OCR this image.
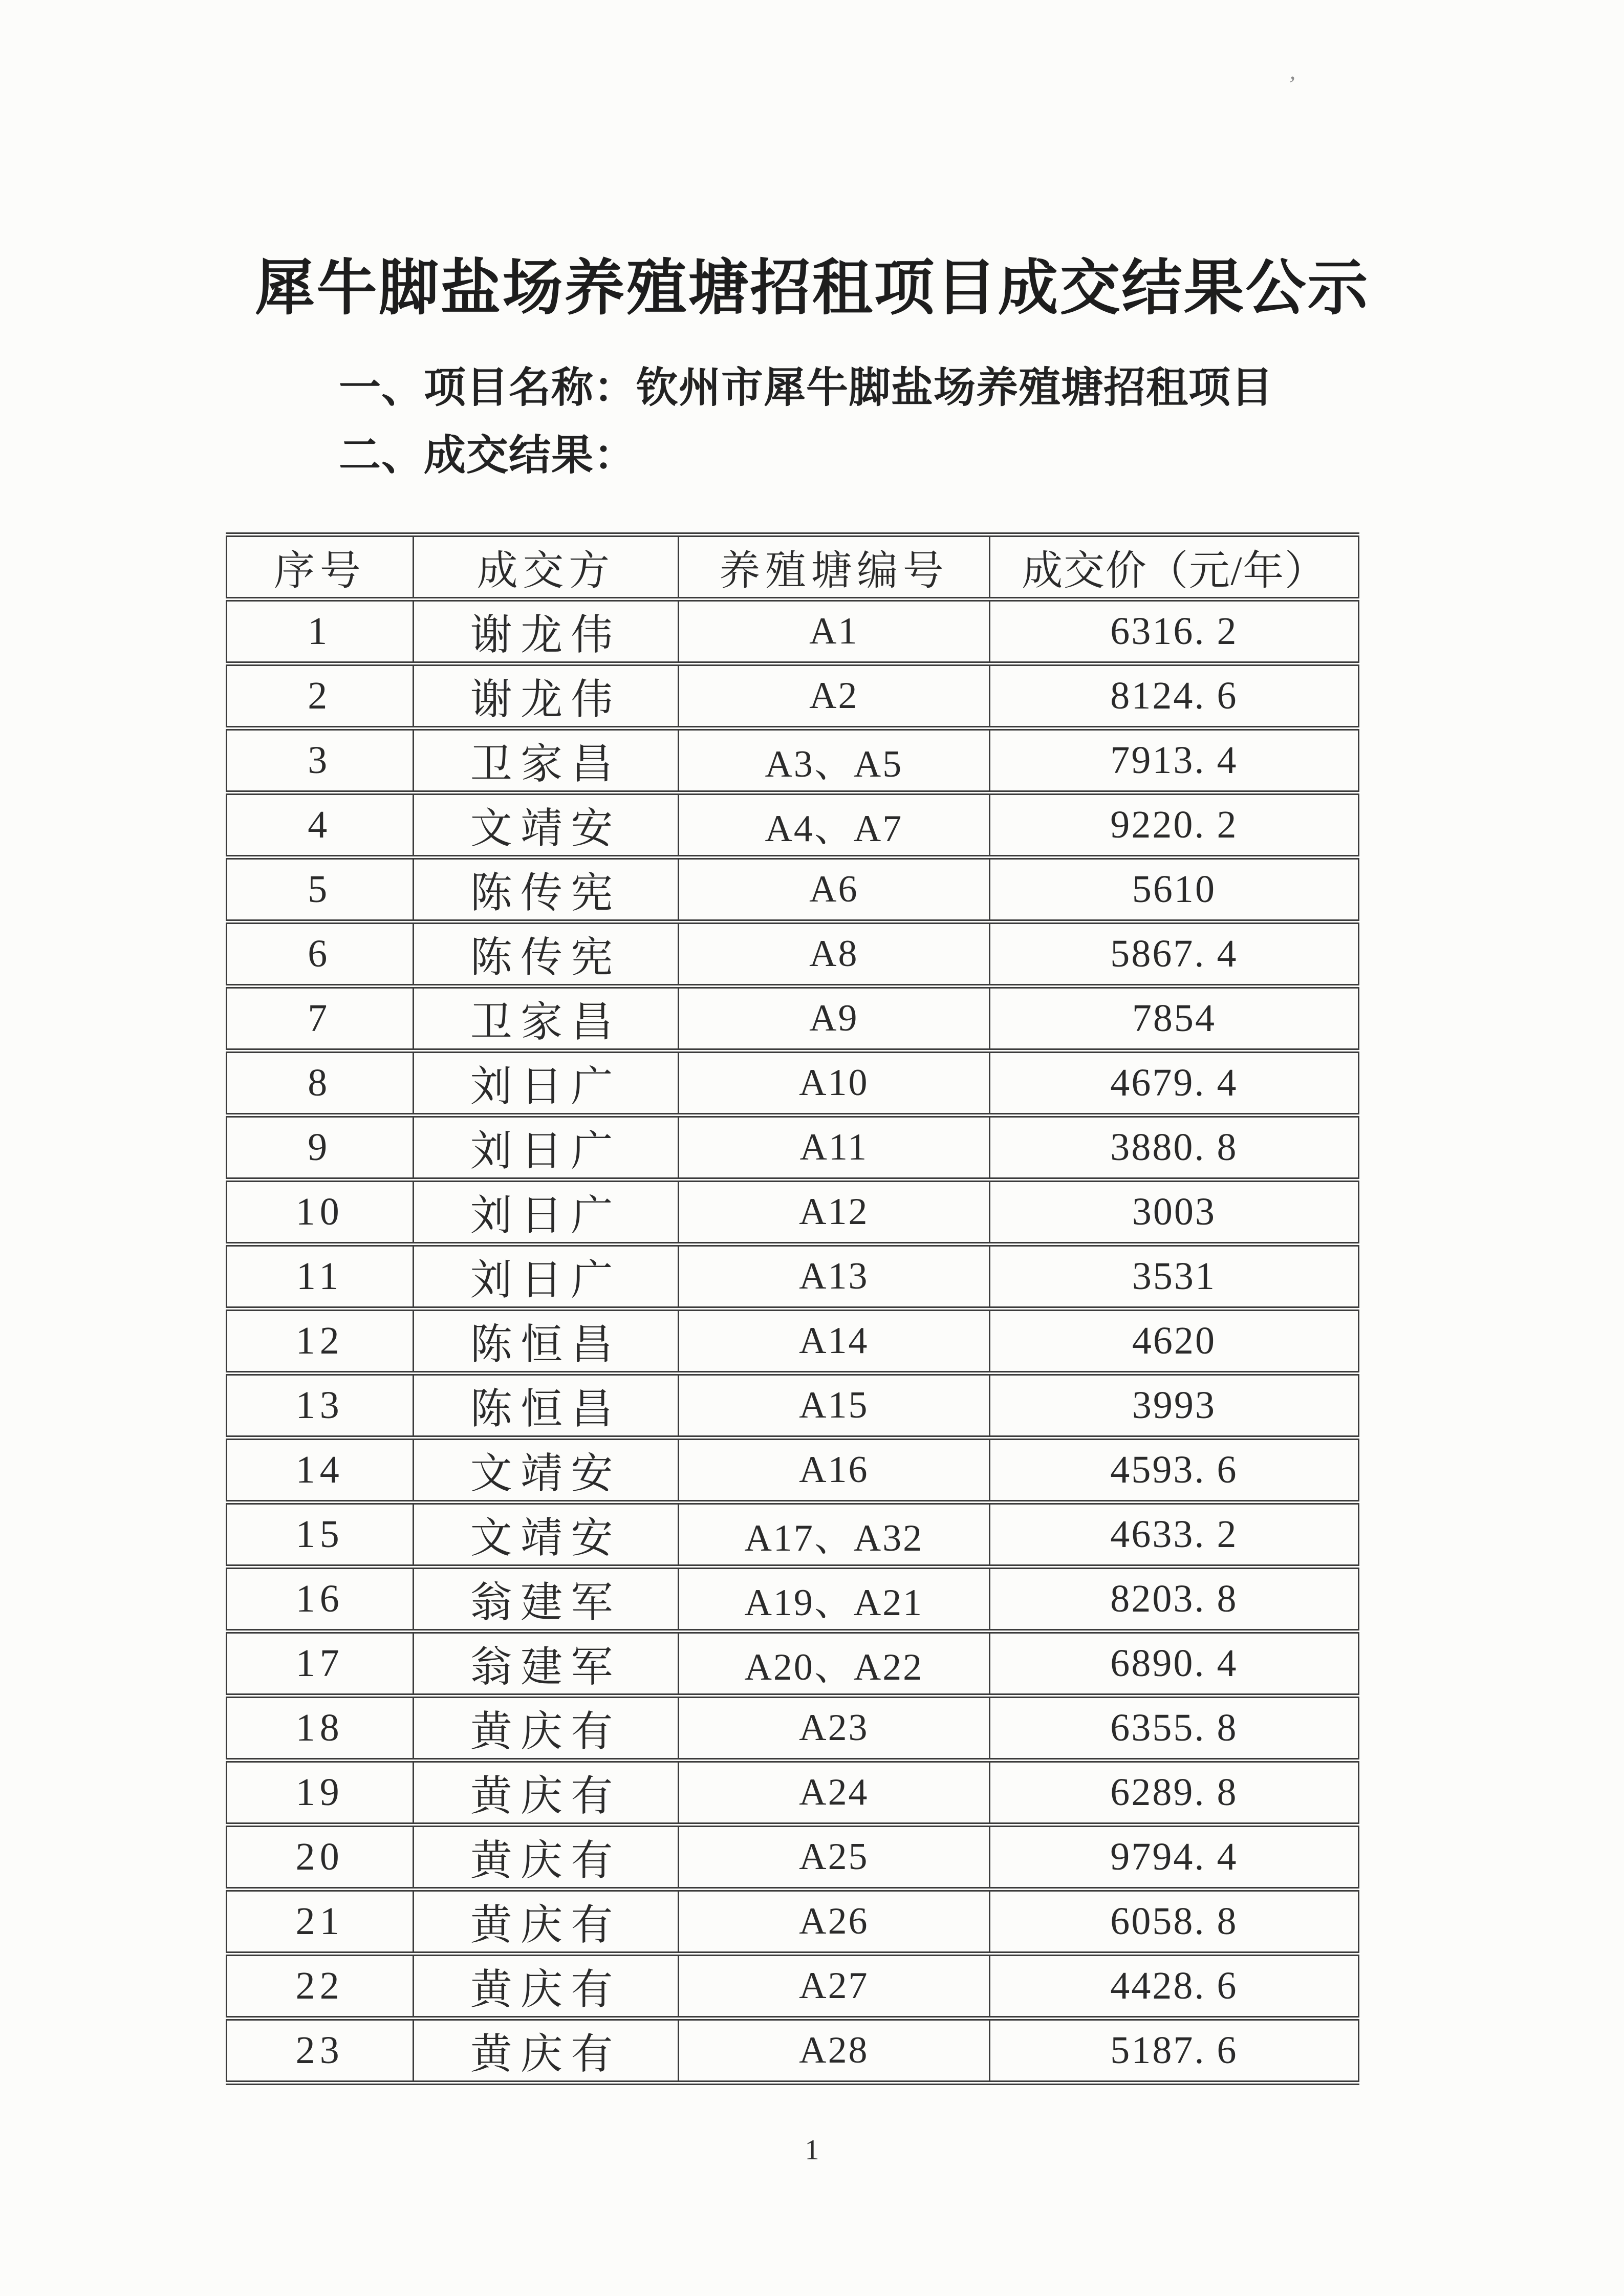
’
犀牛脚盐场养殖塘招租项目成交结果公示
一、项目名称：钦州市犀牛脚盐场养殖塘招租项目
二、成交结果：
序号	成交方	养殖塘编号	成交价（元/年）
1	谢龙伟	A1	6316. 2
2	谢龙伟	A2	8124. 6
3	卫家昌	A3、A5	7913. 4
4	文靖安	A4、A7	9220. 2
5	陈传宪	A6	5610
6	陈传宪	A8	5867. 4
7	卫家昌	A9	7854
8	刘日广	A10	4679. 4
9	刘日广	A11	3880. 8
10	刘日广	A12	3003
11	刘日广	A13	3531
12	陈恒昌	A14	4620
13	陈恒昌	A15	3993
14	文靖安	A16	4593. 6
15	文靖安	A17、A32	4633. 2
16	翁建军	A19、A21	8203. 8
17	翁建军	A20、A22	6890. 4
18	黄庆有	A23	6355. 8
19	黄庆有	A24	6289. 8
20	黄庆有	A25	9794. 4
21	黄庆有	A26	6058. 8
22	黄庆有	A27	4428. 6
23	黄庆有	A28	5187. 6
1
